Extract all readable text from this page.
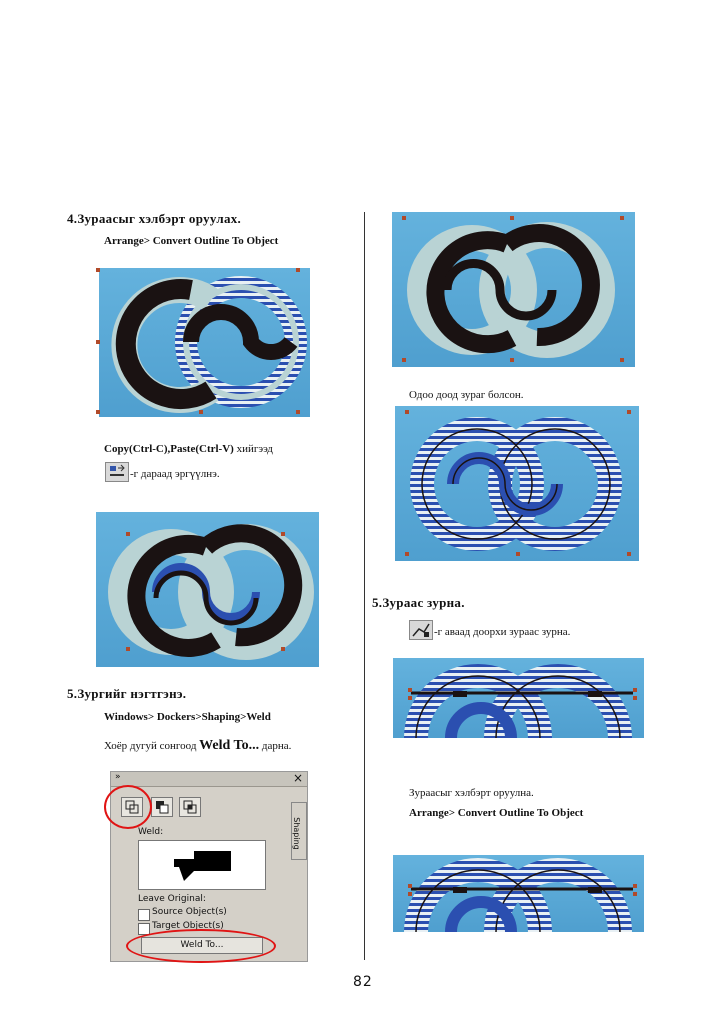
4.Зураасыг хэлбэрт оруулах.
Arrange> Convert Outline To Object
Copy(Ctrl-C),Paste(Ctrl-V) хийгээд
-г дараад эргүүлнэ.
5.Зургийг нэгтгэнэ.
Windows> Dockers>Shaping>Weld
Хоёр дугуй сонгоод Weld To... дарна.
»	×
Shaping
Weld:
Leave Original:
Source Object(s)
Target Object(s)
Weld To...
Одоо доод зураг болсон.
5.Зураас зурна.
-г аваад доорхи зураас зурна.
Зураасыг хэлбэрт оруулна.
Arrange> Convert Outline To Object
82
